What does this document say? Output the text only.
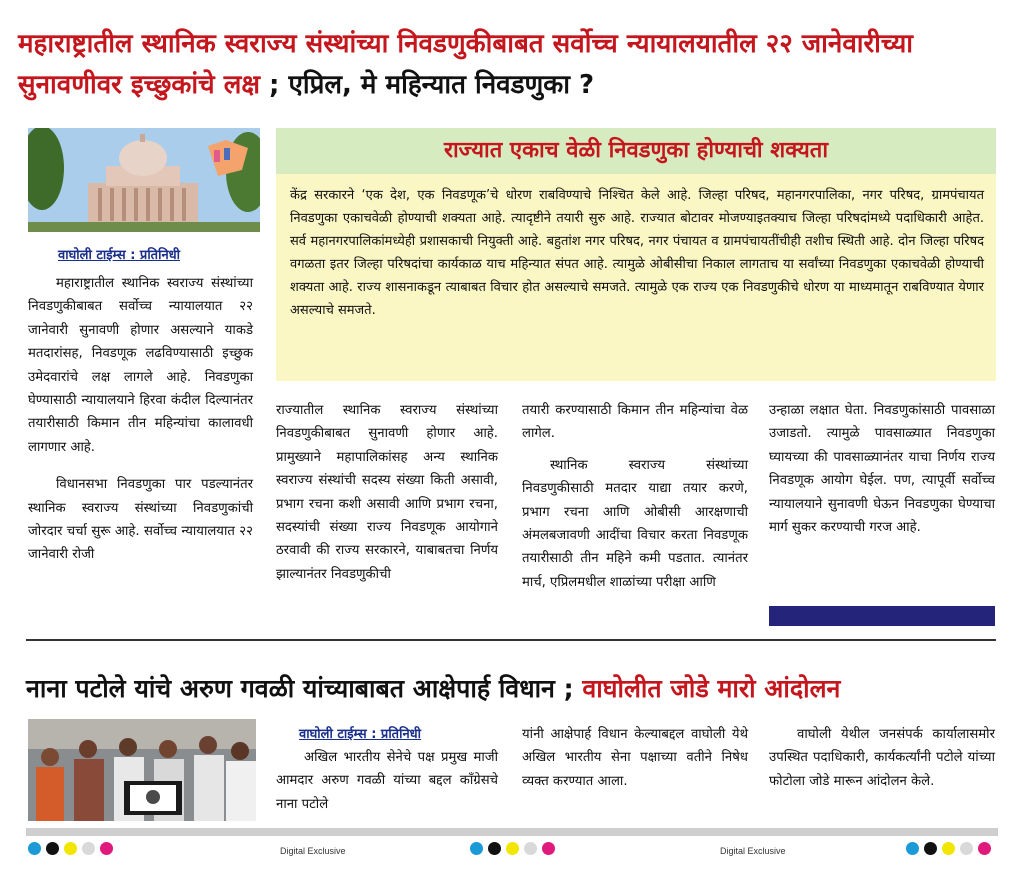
महाराष्ट्रातील स्थानिक स्वराज्य संस्थांच्या निवडणुकीबाबत सर्वोच्च न्यायालयातील २२ जानेवारीच्या सुनावणीवर इच्छुकांचे लक्ष ; एप्रिल, मे महिन्यात निवडणुका ?
वाघोली टाईम्स : प्रतिनिधी

महाराष्ट्रातील स्थानिक स्वराज्य संस्थांच्या निवडणुकीबाबत सर्वोच्च न्यायालयात २२ जानेवारी सुनावणी होणार असल्याने याकडे मतदारांसह, निवडणूक लढविण्यासाठी इच्छुक उमेदवारांचे लक्ष लागले आहे. निवडणुका घेण्यासाठी न्यायालयाने हिरवा कंदील दिल्यानंतर तयारीसाठी किमान तीन महिन्यांचा कालावधी लागणार आहे.

विधानसभा निवडणुका पार पडल्यानंतर स्थानिक स्वराज्य संस्थांच्या निवडणुकांची जोरदार चर्चा सुरू आहे. सर्वोच्च न्यायालयात २२ जानेवारी रोजी

राज्यात एकाच वेळी निवडणुका होण्याची शक्यता
केंद्र सरकारने ‘एक देश, एक निवडणूक’चे धोरण राबविण्याचे निश्चित केले आहे. जिल्हा परिषद, महानगरपालिका, नगर परिषद, ग्रामपंचायत निवडणुका एकाचवेळी होण्याची शक्यता आहे. त्यादृष्टीने तयारी सुरु आहे. राज्यात बोटावर मोजण्याइतक्याच जिल्हा परिषदांमध्ये पदाधिकारी आहेत. सर्व महानगरपालिकांमध्येही प्रशासकाची नियुक्ती आहे. बहुतांश नगर परिषद, नगर पंचायत व ग्रामपंचायतींचीही तशीच स्थिती आहे. दोन जिल्हा परिषद वगळता इतर जिल्हा परिषदांचा कार्यकाळ याच महिन्यात संपत आहे. त्यामुळे ओबीसीचा निकाल लागताच या सर्वांच्या निवडणुका एकाचवेळी होण्याची शक्यता आहे. राज्य शासनाकडून त्याबाबत विचार होत असल्याचे समजते. त्यामुळे एक राज्य एक निवडणुकीचे धोरण या माध्यमातून राबविण्यात येणार असल्याचे समजते.
राज्यातील स्थानिक स्वराज्य संस्थांच्या निवडणुकीबाबत सुनावणी होणार आहे. प्रामुख्याने महापालिकांसह अन्य स्थानिक स्वराज्य संस्थांची सदस्य संख्या किती असावी, प्रभाग रचना कशी असावी आणि प्रभाग रचना, सदस्यांची संख्या राज्य निवडणूक आयोगाने ठरवावी की राज्य सरकारने, याबाबतचा निर्णय झाल्यानंतर निवडणुकीची

तयारी करण्यासाठी किमान तीन महिन्यांचा वेळ लागेल.

स्थानिक स्वराज्य संस्थांच्या निवडणुकीसाठी मतदार याद्या तयार करणे, प्रभाग रचना आणि ओबीसी आरक्षणाची अंमलबजावणी आदींचा विचार करता निवडणूक तयारीसाठी तीन महिने कमी पडतात. त्यानंतर मार्च, एप्रिलमधील शाळांच्या परीक्षा आणि

उन्हाळा लक्षात घेता. निवडणुकांसाठी पावसाळा उजाडतो. त्यामुळे पावसाळ्यात निवडणुका घ्यायच्या की पावसाळ्यानंतर याचा निर्णय राज्य निवडणूक आयोग घेईल. पण, त्यापूर्वी सर्वोच्च न्यायालयाने सुनावणी घेऊन निवडणुका घेण्याचा मार्ग सुकर करण्याची गरज आहे.
नाना पटोले यांचे अरुण गवळी यांच्याबाबत आक्षेपार्ह विधान ; वाघोलीत जोडे मारो आंदोलन
वाघोली टाईम्स : प्रतिनिधी

अखिल भारतीय सेनेचे पक्ष प्रमुख माजी आमदार अरुण गवळी यांच्या बद्दल कॉंग्रेसचे नाना पटोले

यांनी आक्षेपार्ह विधान केल्याबद्दल वाघोली येथे अखिल भारतीय सेना पक्षाच्या वतीने निषेध व्यक्त करण्यात आला.

वाघोली येथील जनसंपर्क कार्यालासमोर उपस्थित पदाधिकारी, कार्यकर्त्यांनी पटोले यांच्या फोटोला जोडे मारून आंदोलन केले.

Digital Exclusive	Digital Exclusive
